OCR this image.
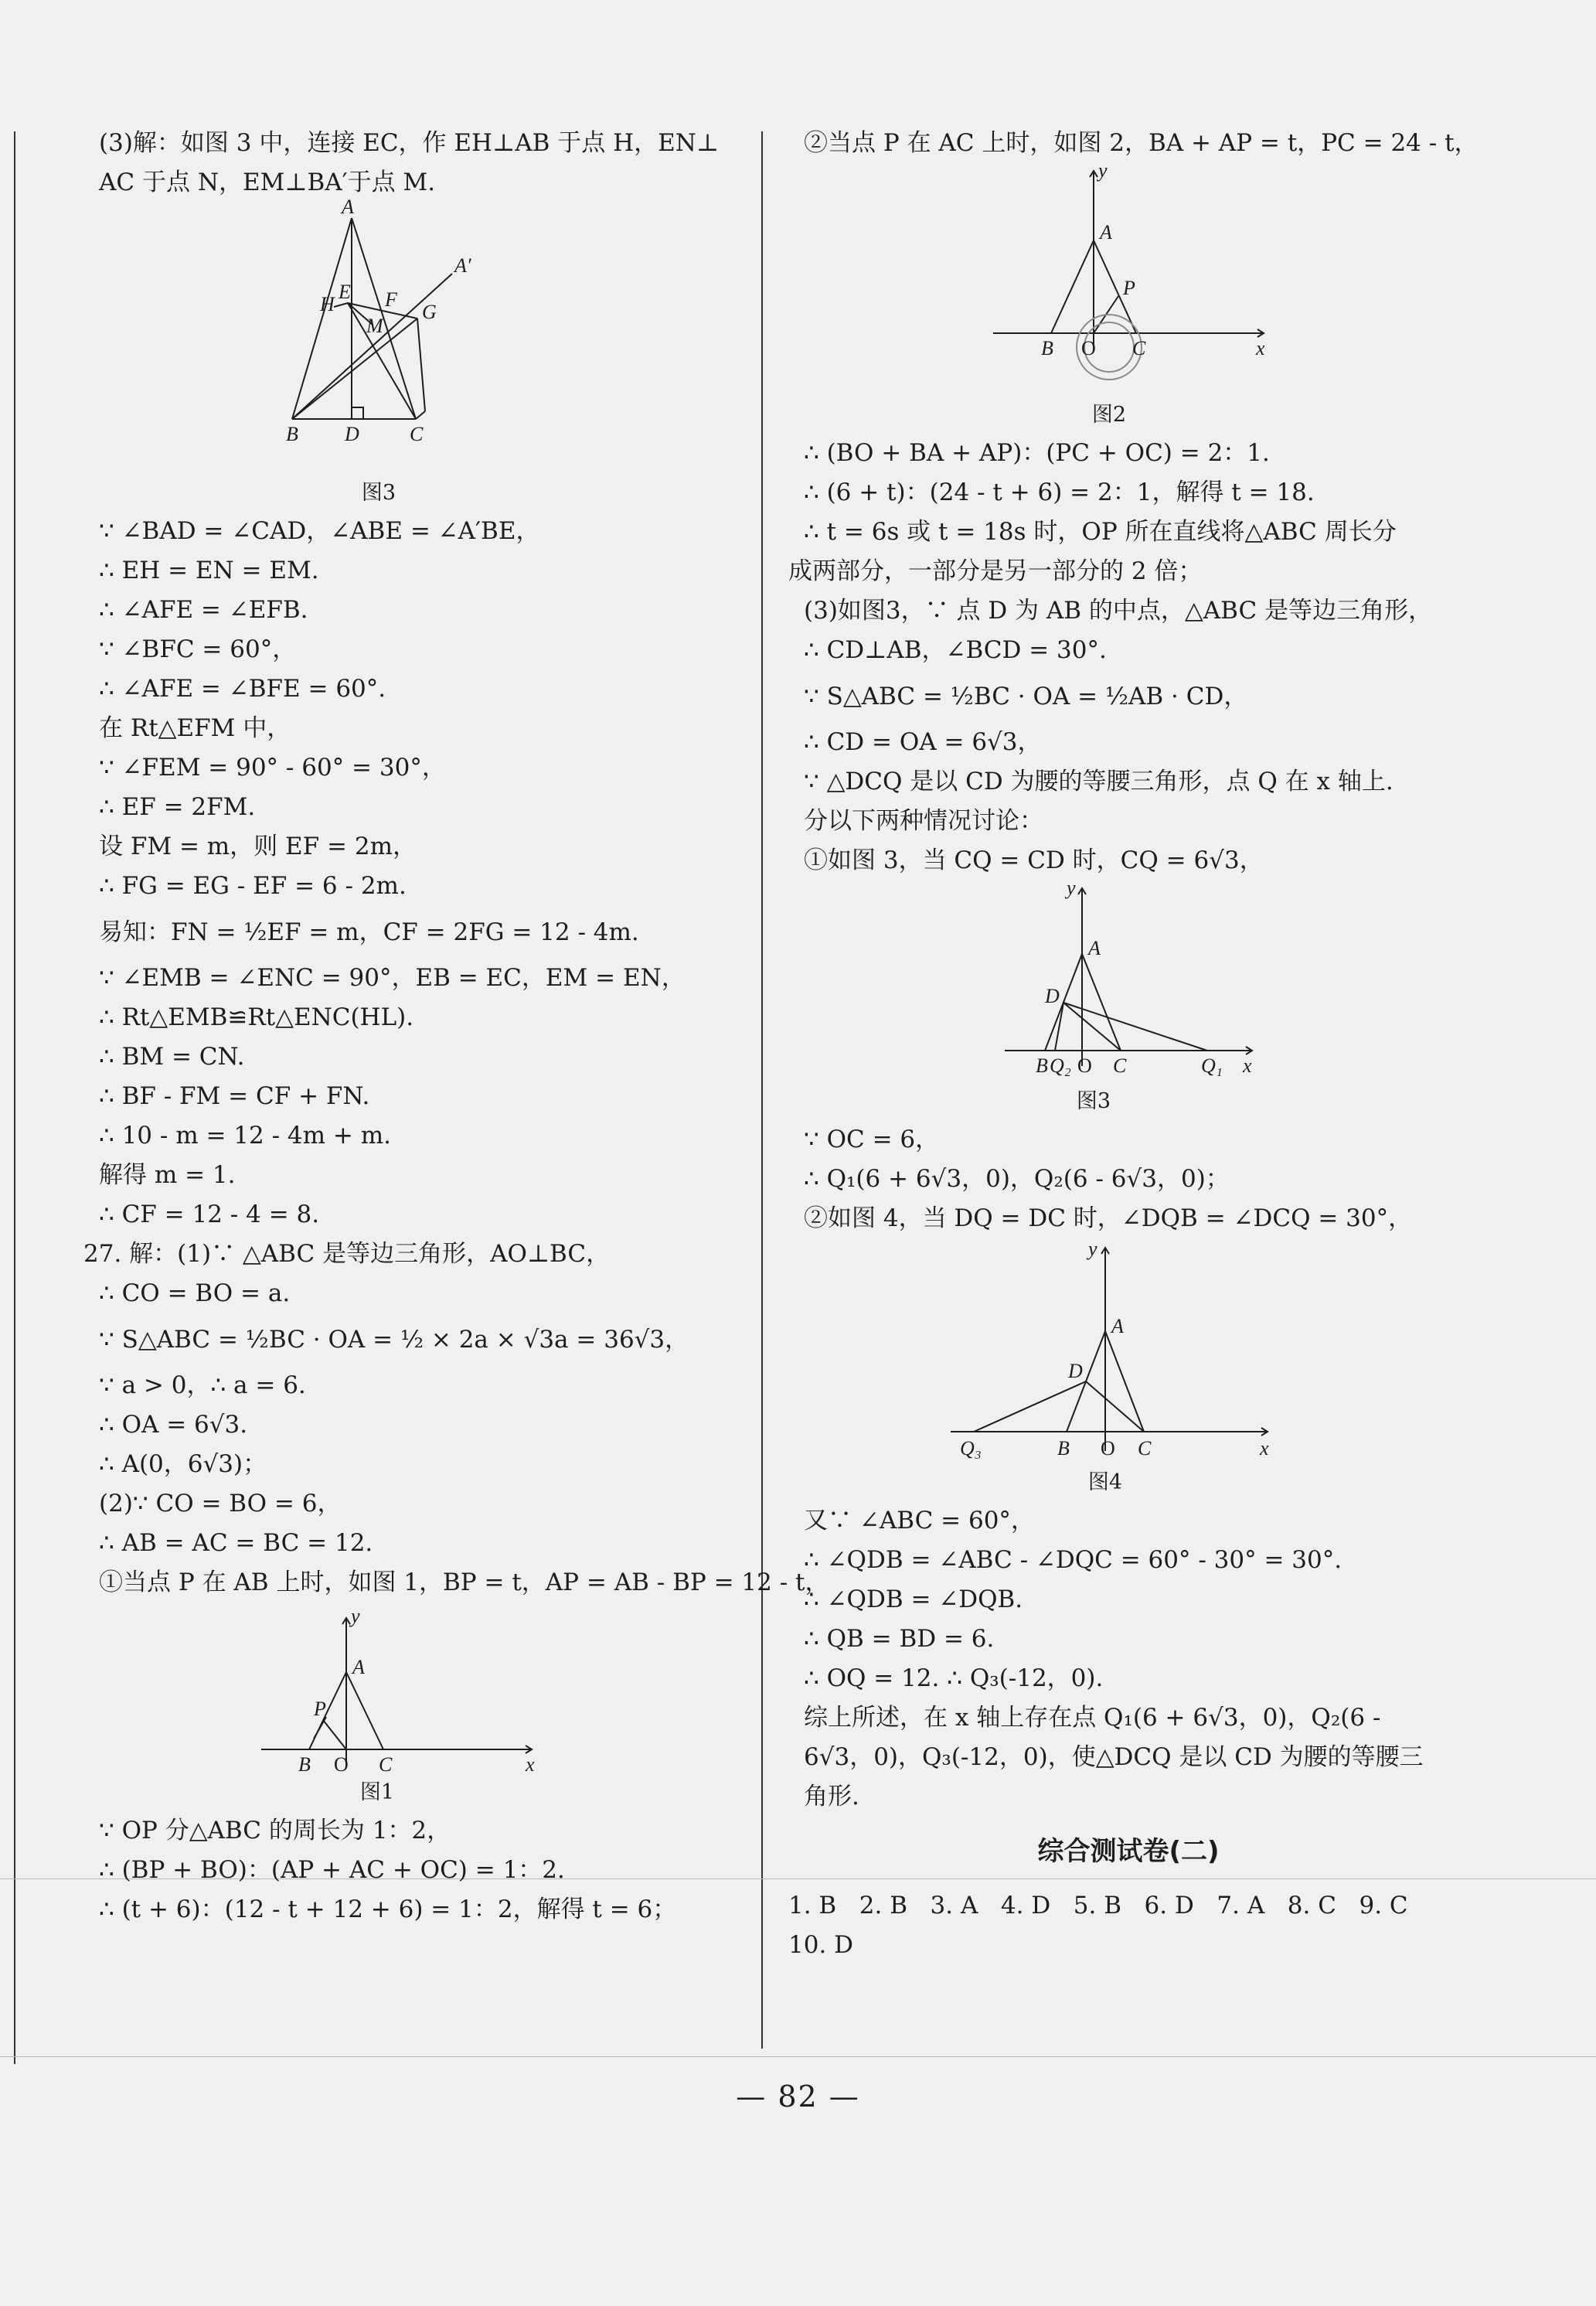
(3)解：如图 3 中，连接 EC，作 EH⊥AB 于点 H，EN⊥
AC 于点 N，EM⊥BA′于点 M.
A
A′
E
H	F
G
M
B D	C
图3
∵ ∠BAD = ∠CAD，∠ABE = ∠A′BE，
∴ EH = EN = EM.
∴ ∠AFE = ∠EFB.
∵ ∠BFC = 60°，
∴ ∠AFE = ∠BFE = 60°.
在 Rt△EFM 中，
∵ ∠FEM = 90° - 60° = 30°，
∴ EF = 2FM.
设 FM = m，则 EF = 2m，
∴ FG = EG - EF = 6 - 2m.
易知：FN = ½EF = m，CF = 2FG = 12 - 4m.
∵ ∠EMB = ∠ENC = 90°，EB = EC，EM = EN，
∴ Rt△EMB≌Rt△ENC(HL).
∴ BM = CN.
∴ BF - FM = CF + FN.
∴ 10 - m = 12 - 4m + m.
解得 m = 1.
∴ CF = 12 - 4 = 8.
27. 解：(1)∵ △ABC 是等边三角形，AO⊥BC，
∴ CO = BO = a.
∵ S△ABC = ½BC · OA = ½ × 2a × √3a = 36√3，
∵ a > 0，∴ a = 6.
∴ OA = 6√3.
∴ A(0，6√3)；
(2)∵ CO = BO = 6，
∴ AB = AC = BC = 12.
①当点 P 在 AB 上时，如图 1，BP = t，AP = AB - BP = 12 - t，
y
A
P
B O C	x
图1
∵ OP 分△ABC 的周长为 1：2，
∴ (BP + BO)：(AP + AC + OC) = 1：2.
∴ (t + 6)：(12 - t + 12 + 6) = 1：2，解得 t = 6；
②当点 P 在 AC 上时，如图 2，BA + AP = t，PC = 24 - t，
y
A
P
B O C	x
图2
∴ (BO + BA + AP)：(PC + OC) = 2：1.
∴ (6 + t)：(24 - t + 6) = 2：1，解得 t = 18.
∴ t = 6s 或 t = 18s 时，OP 所在直线将△ABC 周长分
成两部分，一部分是另一部分的 2 倍；
(3)如图3，∵ 点 D 为 AB 的中点，△ABC 是等边三角形，
∴ CD⊥AB，∠BCD = 30°.
∵ S△ABC = ½BC · OA = ½AB · CD，
∴ CD = OA = 6√3，
∵ △DCQ 是以 CD 为腰的等腰三角形，点 Q 在 x 轴上.
分以下两种情况讨论：
①如图 3，当 CQ = CD 时，CQ = 6√3，
y
A
D
B Q₂ O C	Q₁ x
图3
∵ OC = 6，
∴ Q₁(6 + 6√3，0)，Q₂(6 - 6√3，0)；
②如图 4，当 DQ = DC 时，∠DQB = ∠DCQ = 30°，
y
A
D
Q₃	B O C	x
图4
又∵ ∠ABC = 60°，
∴ ∠QDB = ∠ABC - ∠DQC = 60° - 30° = 30°.
∴ ∠QDB = ∠DQB.
∴ QB = BD = 6.
∴ OQ = 12. ∴ Q₃(-12，0).
综上所述，在 x 轴上存在点 Q₁(6 + 6√3，0)，Q₂(6 -
6√3，0)，Q₃(-12，0)，使△DCQ 是以 CD 为腰的等腰三
角形.
综合测试卷(二)
1. B   2. B   3. A   4. D   5. B   6. D   7. A   8. C   9. C
10. D
— 82 —
